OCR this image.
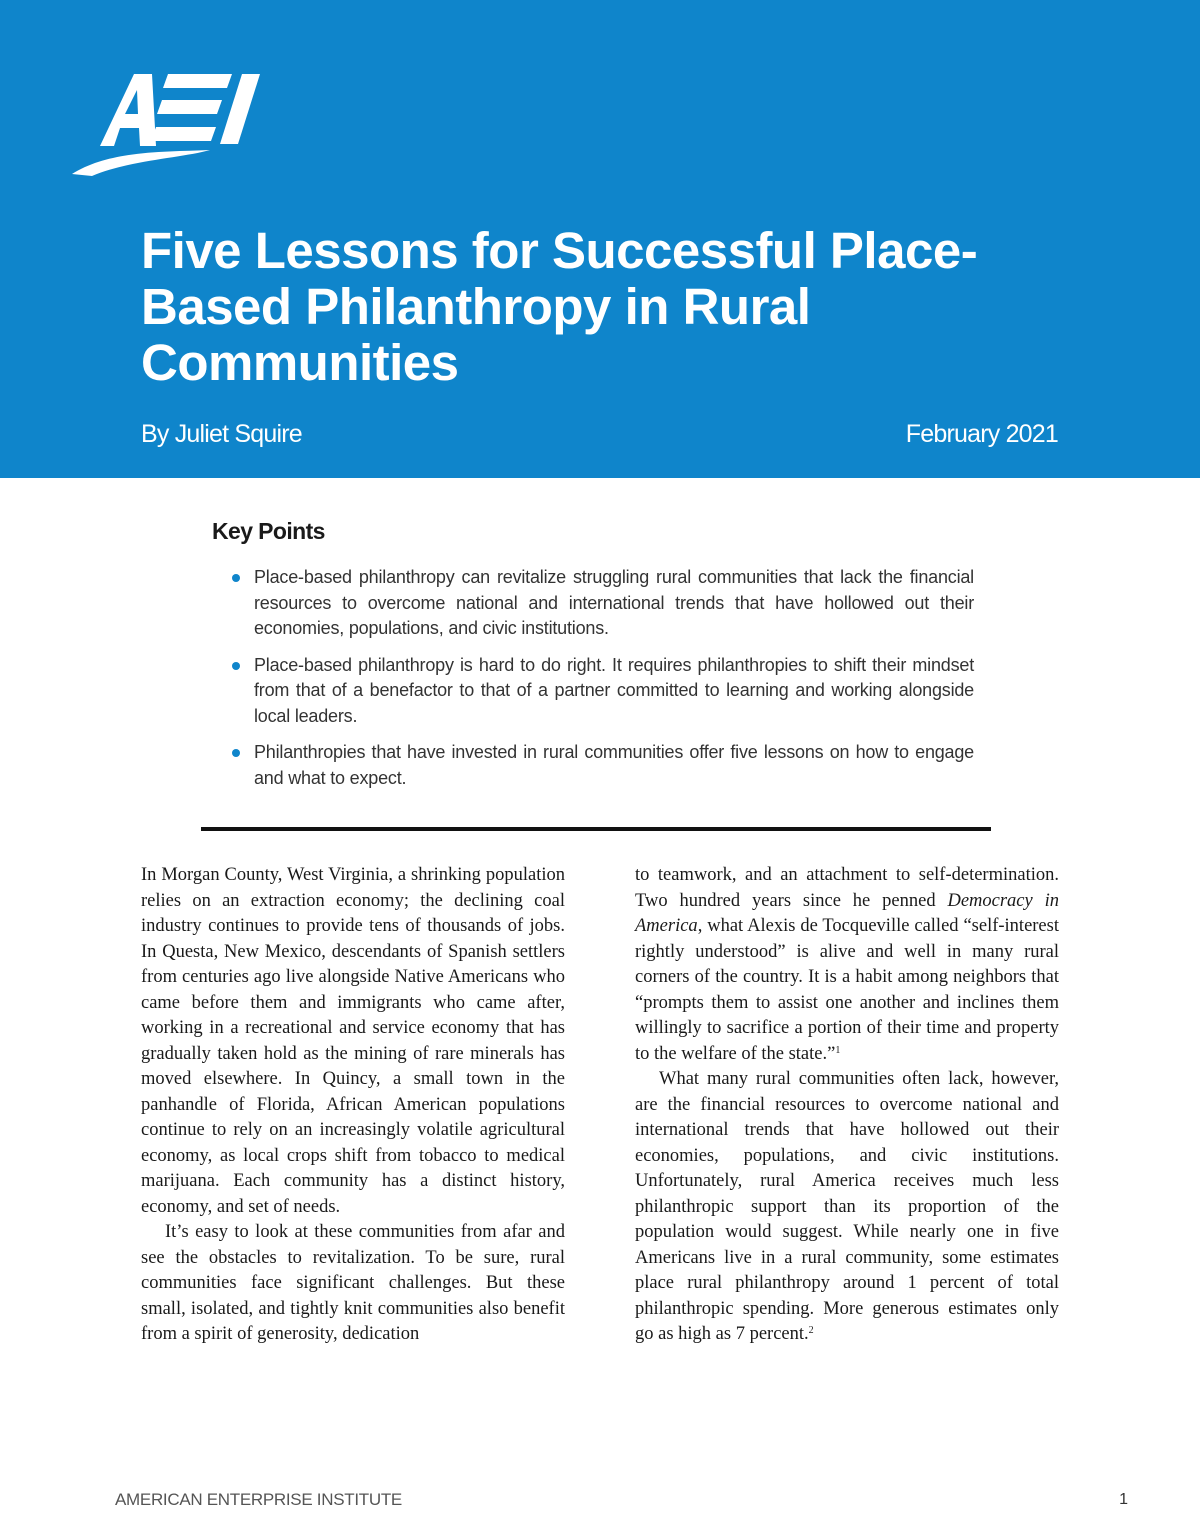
Five Lessons for Successful Place-Based Philanthropy in Rural Communities
By Juliet Squire	February 2021
Key Points
Place-based philanthropy can revitalize struggling rural communities that lack the financial resources to overcome national and international trends that have hollowed out their economies, populations, and civic institutions.
Place-based philanthropy is hard to do right. It requires philanthropies to shift their mindset from that of a benefactor to that of a partner committed to learning and working alongside local leaders.
Philanthropies that have invested in rural communities offer five lessons on how to engage and what to expect.

In Morgan County, West Virginia, a shrinking population relies on an extraction economy; the declining coal industry continues to provide tens of thousands of jobs. In Questa, New Mexico, descendants of Spanish settlers from centuries ago live alongside Native Americans who came before them and immigrants who came after, working in a recreational and service economy that has gradually taken hold as the mining of rare minerals has moved elsewhere. In Quincy, a small town in the panhandle of Florida, African American populations continue to rely on an increasingly volatile agricultural economy, as local crops shift from tobacco to medical marijuana. Each community has a distinct history, economy, and set of needs.

It’s easy to look at these communities from afar and see the obstacles to revitalization. To be sure, rural communities face significant challenges. But these small, isolated, and tightly knit communities also benefit from a spirit of generosity, dedication

to teamwork, and an attachment to self-determination. Two hundred years since he penned Democracy in America, what Alexis de Tocqueville called “self-interest rightly understood” is alive and well in many rural corners of the country. It is a habit among neighbors that “prompts them to assist one another and inclines them willingly to sacrifice a portion of their time and property to the welfare of the state.”$^1$

What many rural communities often lack, however, are the financial resources to overcome national and international trends that have hollowed out their economies, populations, and civic institutions. Unfortunately, rural America receives much less philanthropic support than its proportion of the population would suggest. While nearly one in five Americans live in a rural community, some estimates place rural philanthropy around 1 percent of total philanthropic spending. More generous estimates only go as high as 7 percent.$^2$

AMERICAN ENTERPRISE INSTITUTE	1
